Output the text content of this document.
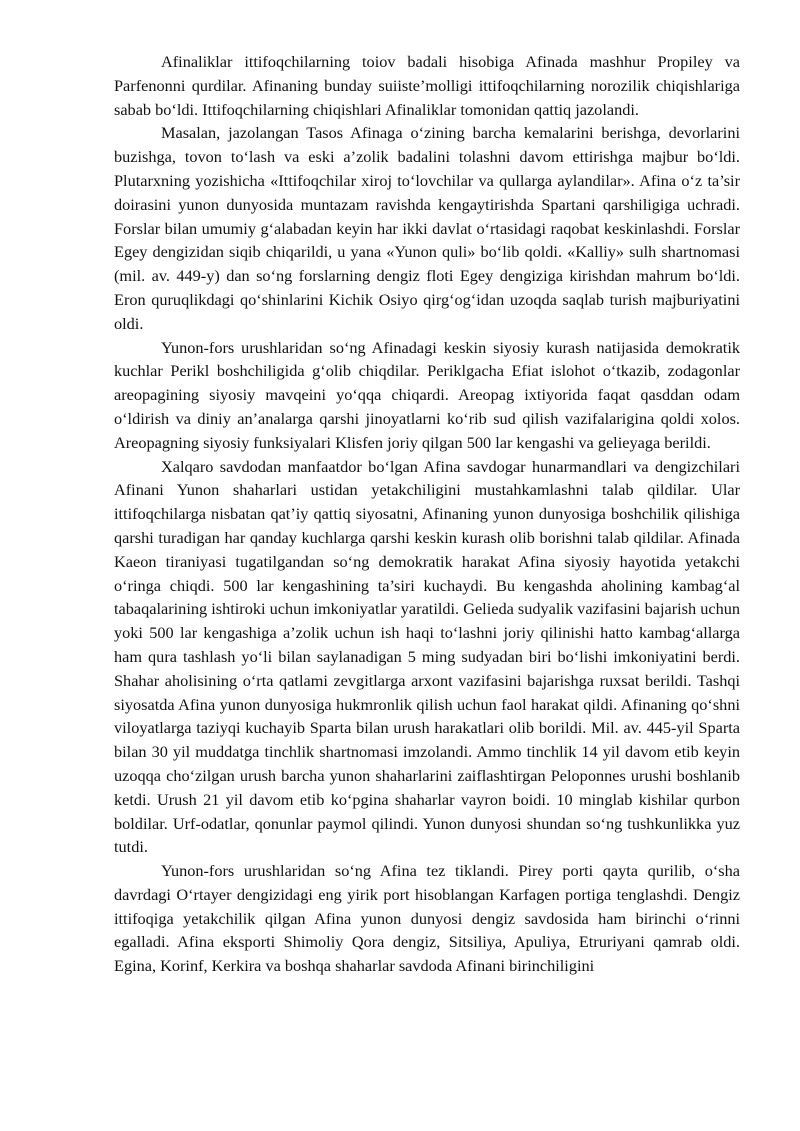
Afinaliklar ittifoqchilarning toiov badali hisobiga Afinada mashhur Propiley va Parfenonni qurdilar. Afinaning bunday suiiste’molligi ittifoqchilarning norozilik chiqishlariga sabab bo‘ldi. Ittifoqchilarning chiqishlari Afinaliklar tomonidan qattiq jazolandi.

Masalan, jazolangan Tasos Afinaga o‘zining barcha kemalarini berishga, devorlarini buzishga, tovon to‘lash va eski a’zolik badalini tolashni davom ettirishga majbur bo‘ldi. Plutarxning yozishicha «Ittifoqchilar xiroj to‘lovchilar va qullarga aylandilar». Afina o‘z ta’sir doirasini yunon dunyosida muntazam ravishda kengaytirishda Spartani qarshiligiga uchradi. Forslar bilan umumiy g‘alabadan keyin har ikki davlat o‘rtasidagi raqobat keskinlashdi. Forslar Egey dengizidan siqib chiqarildi, u yana «Yunon quli» bo‘lib qoldi. «Kalliy» sulh shartnomasi (mil. av. 449-y) dan so‘ng forslarning dengiz floti Egey dengiziga kirishdan mahrum bo‘ldi. Eron quruqlikdagi qo‘shinlarini Kichik Osiyo qirg‘og‘idan uzoqda saqlab turish majburiyatini oldi.

Yunon-fors urushlaridan so‘ng Afinadagi keskin siyosiy kurash natijasida demokratik kuchlar Perikl boshchiligida g‘olib chiqdilar. Periklgacha Efiat islohot o‘tkazib, zodagonlar areopagining siyosiy mavqeini yo‘qqa chiqardi. Areopag ixtiyorida faqat qasddan odam o‘ldirish va diniy an’analarga qarshi jinoyatlarni ko‘rib sud qilish vazifalarigina qoldi xolos. Areopagning siyosiy funksiyalari Klisfen joriy qilgan 500 lar kengashi va gelieyaga berildi.

Xalqaro savdodan manfaatdor bo‘lgan Afina savdogar hunarmandlari va dengizchilari Afinani Yunon shaharlari ustidan yetakchiligini mustahkamlashni talab qildilar. Ular ittifoqchilarga nisbatan qat’iy qattiq siyosatni, Afinaning yunon dunyosiga boshchilik qilishiga qarshi turadigan har qanday kuchlarga qarshi keskin kurash olib borishni talab qildilar. Afinada Kaeon tiraniyasi tugatilgandan so‘ng demokratik harakat Afina siyosiy hayotida yetakchi o‘ringa chiqdi. 500 lar kengashining ta’siri kuchaydi. Bu kengashda aholining kambag‘al tabaqalarining ishtiroki uchun imkoniyatlar yaratildi. Gelieda sudyalik vazifasini bajarish uchun yoki 500 lar kengashiga a’zolik uchun ish haqi to‘lashni joriy qilinishi hatto kambag‘allarga ham qura tashlash yo‘li bilan saylanadigan 5 ming sudyadan biri bo‘lishi imkoniyatini berdi. Shahar aholisining o‘rta qatlami zevgitlarga arxont vazifasini bajarishga ruxsat berildi. Tashqi siyosatda Afina yunon dunyosiga hukmronlik qilish uchun faol harakat qildi. Afinaning qo‘shni viloyatlarga taziyqi kuchayib Sparta bilan urush harakatlari olib borildi. Mil. av. 445-yil Sparta bilan 30 yil muddatga tinchlik shartnomasi imzolandi. Ammo tinchlik 14 yil davom etib keyin uzoqqa cho‘zilgan urush barcha yunon shaharlarini zaiflashtirgan Peloponnes urushi boshlanib ketdi. Urush 21 yil davom etib ko‘pgina shaharlar vayron boidi. 10 minglab kishilar qurbon boldilar. Urf-odatlar, qonunlar paymol qilindi. Yunon dunyosi shundan so‘ng tushkunlikka yuz tutdi.

Yunon-fors urushlaridan so‘ng Afina tez tiklandi. Pirey porti qayta qurilib, o‘sha davrdagi O‘rtayer dengizidagi eng yirik port hisoblangan Karfagen portiga tenglashdi. Dengiz ittifoqiga yetakchilik qilgan Afina yunon dunyosi dengiz savdosida ham birinchi o‘rinni egalladi. Afina eksporti Shimoliy Qora dengiz, Sitsiliya, Apuliya, Etruriyani qamrab oldi. Egina, Korinf, Kerkira va boshqa shaharlar savdoda Afinani birinchiligini
